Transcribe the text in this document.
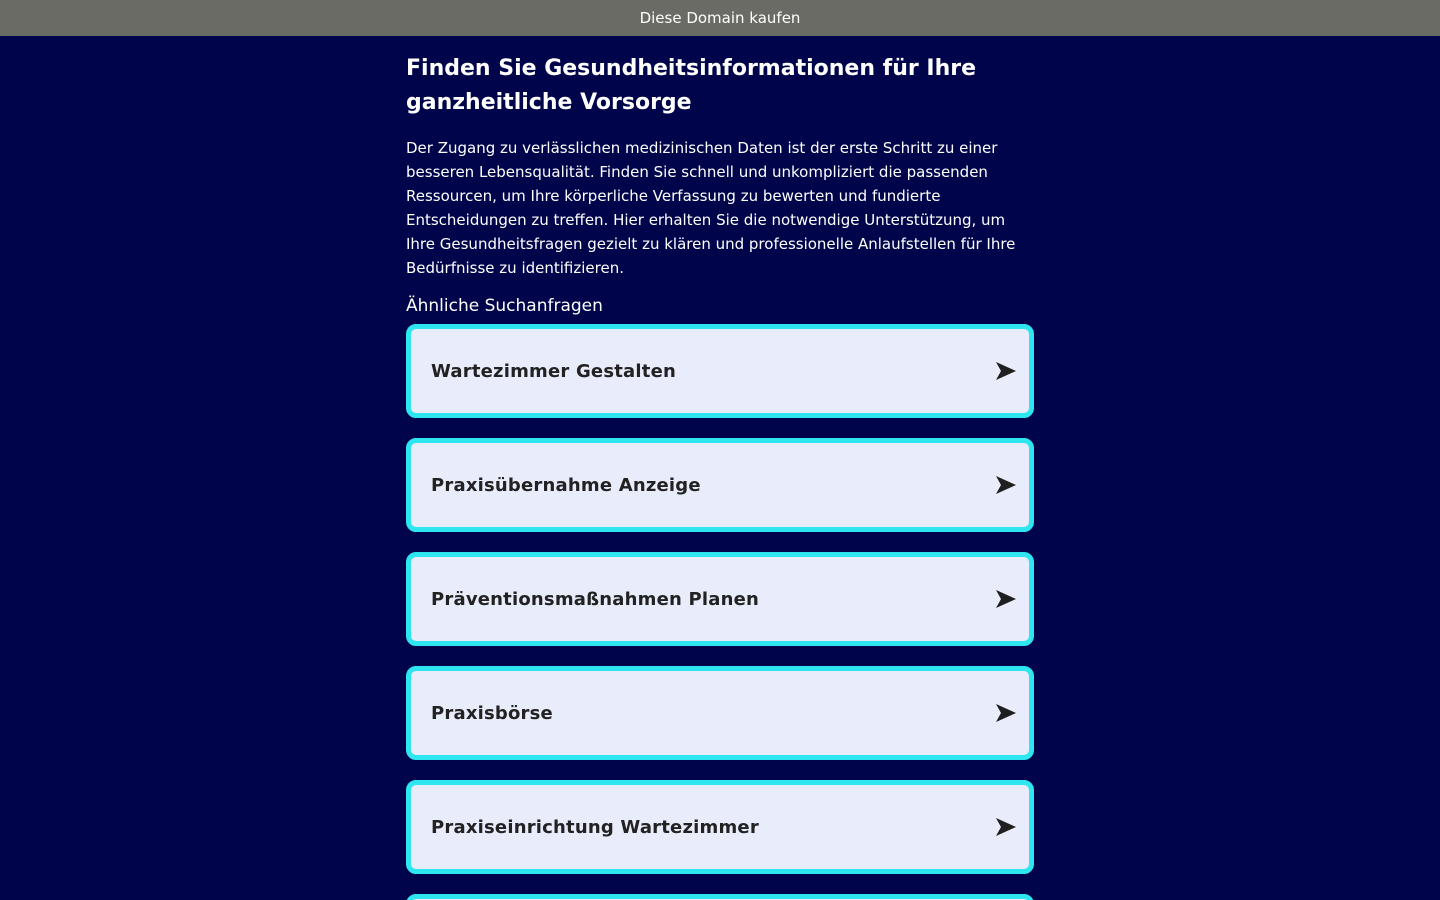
Diese Domain kaufen
Finden Sie Gesundheitsinformationen für Ihre ganzheitliche Vorsorge

Der Zugang zu verlässlichen medizinischen Daten ist der erste Schritt zu einer besseren Lebensqualität. Finden Sie schnell und unkompliziert die passenden Ressourcen, um Ihre körperliche Verfassung zu bewerten und fundierte Entscheidungen zu treffen. Hier erhalten Sie die notwendige Unterstützung, um Ihre Gesundheitsfragen gezielt zu klären und professionelle Anlaufstellen für Ihre Bedürfnisse zu identifizieren.

Ähnliche Suchanfragen
Wartezimmer Gestalten
Praxisübernahme Anzeige
Präventionsmaßnahmen Planen
Praxisbörse
Praxiseinrichtung Wartezimmer
